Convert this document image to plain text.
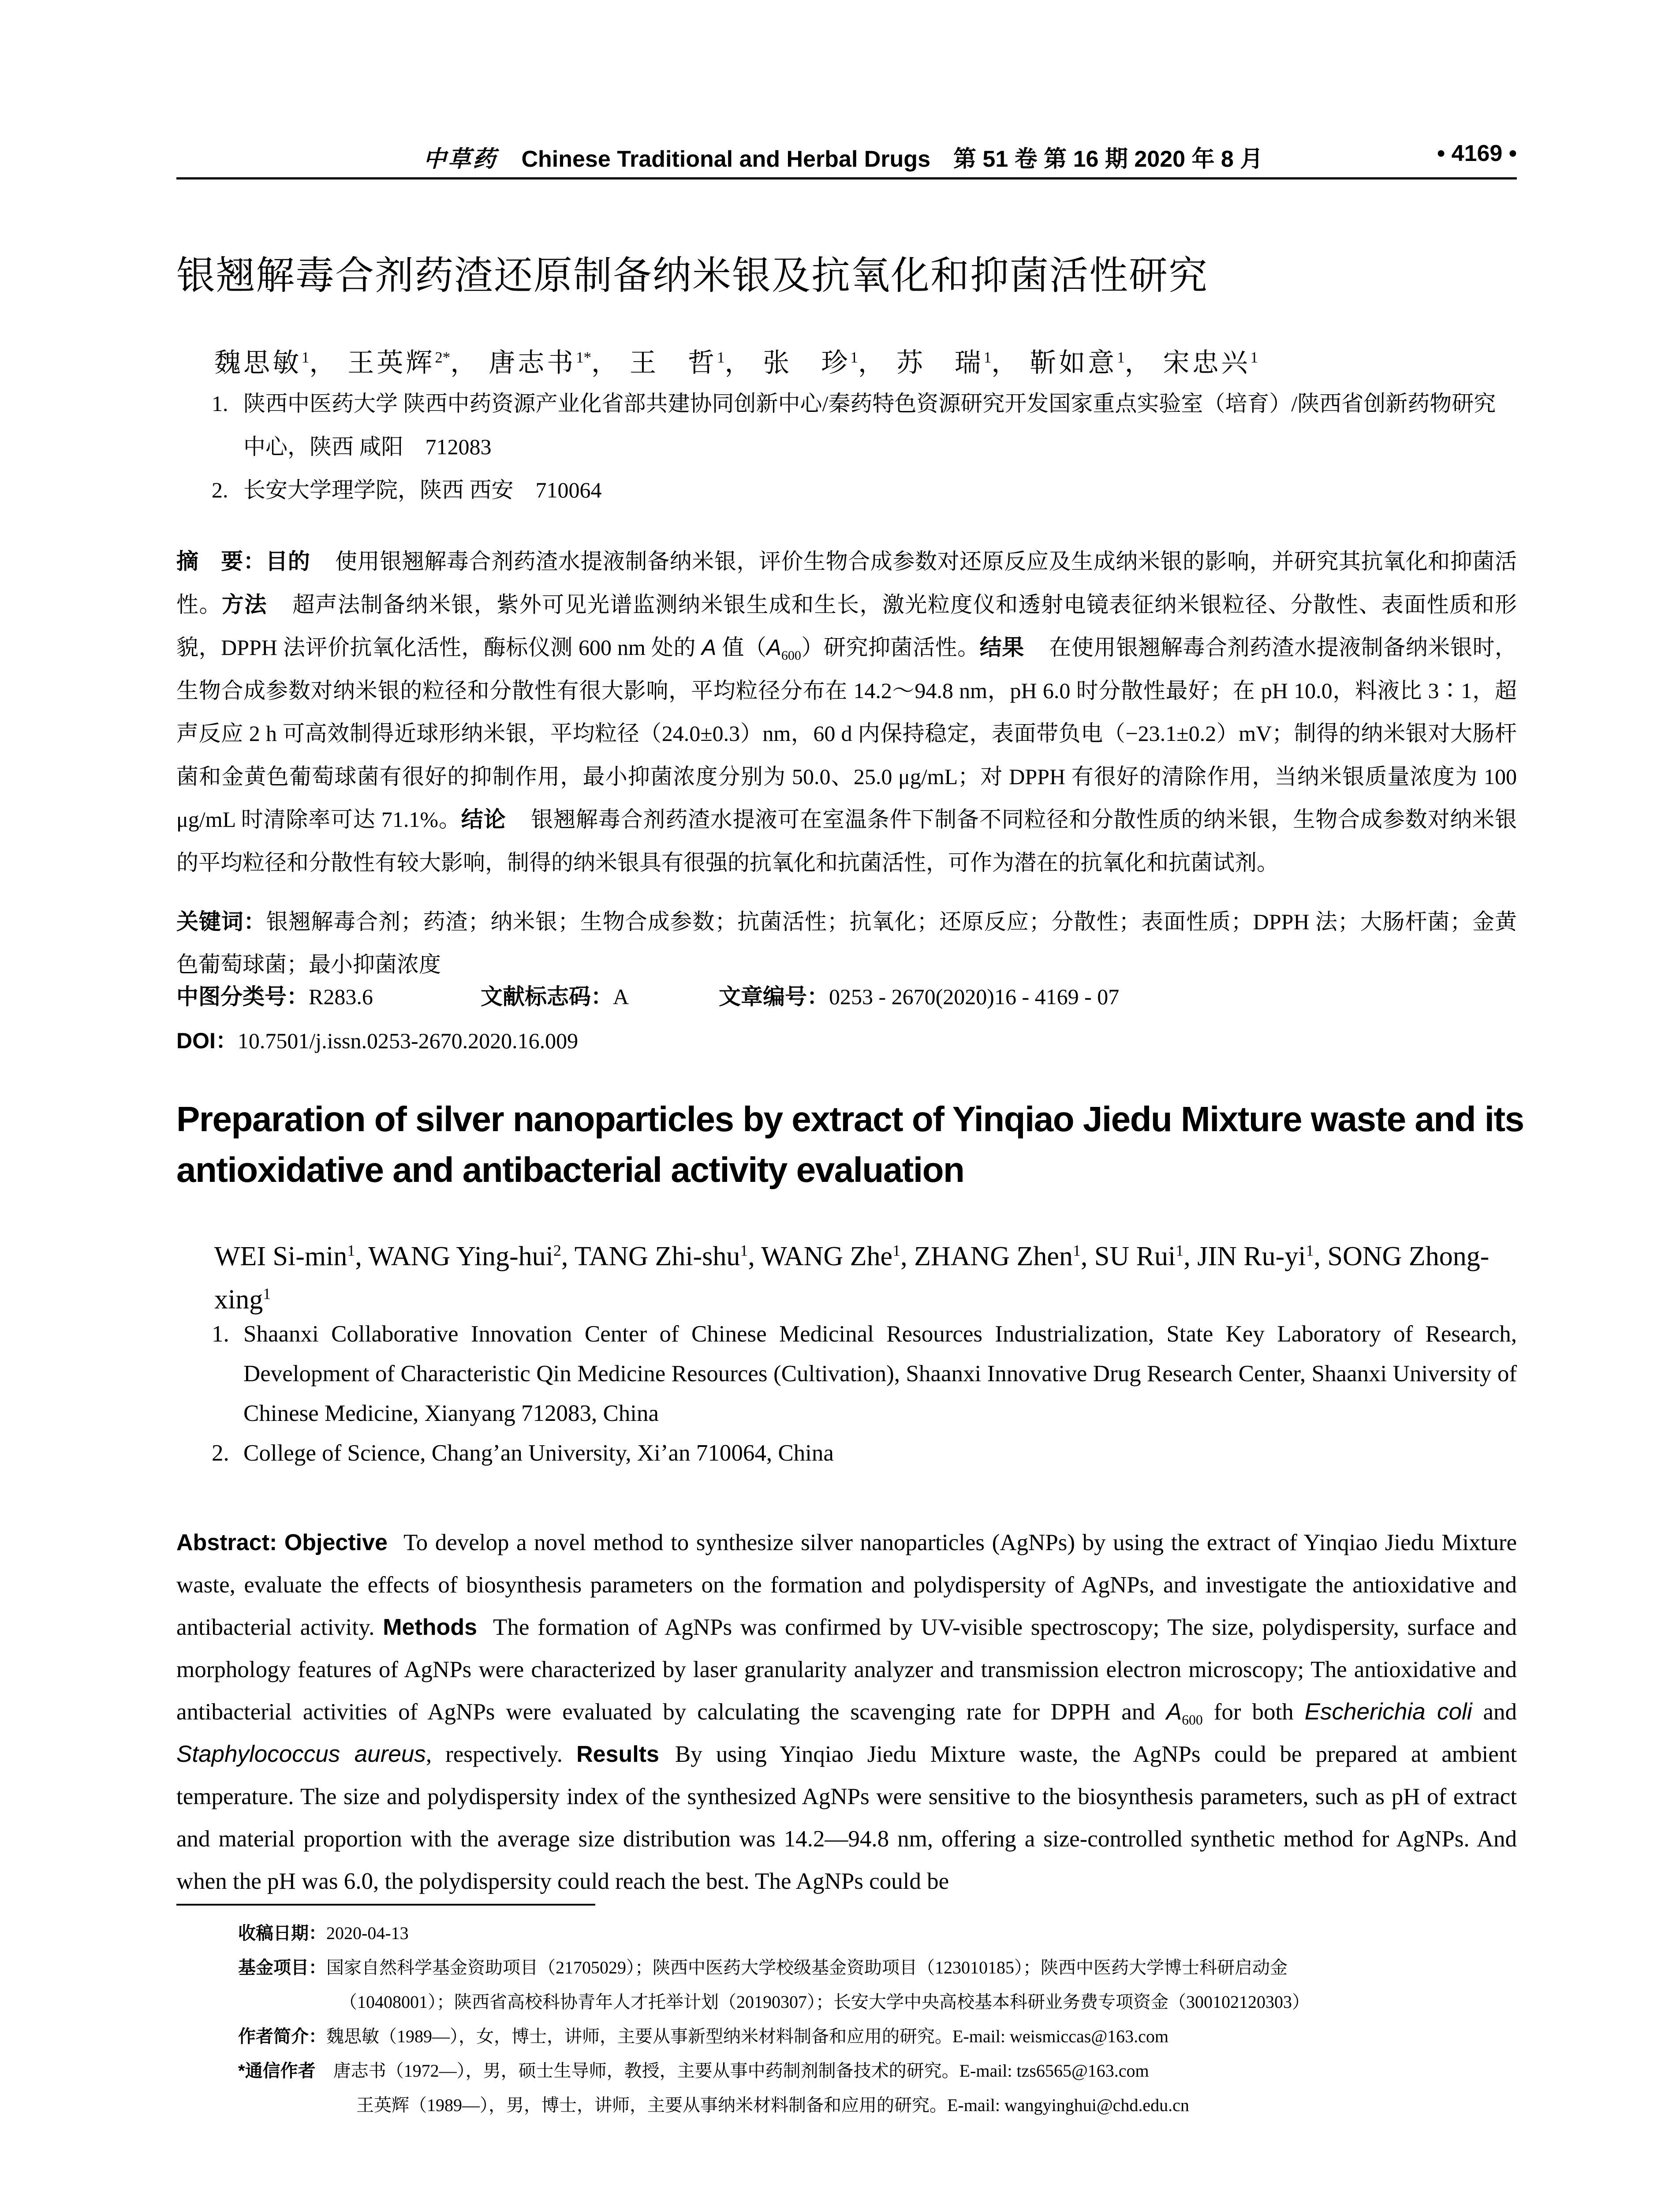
中草药 Chinese Traditional and Herbal Drugs　第 51 卷 第 16 期 2020 年 8 月	• 4169 •
银翘解毒合剂药渣还原制备纳米银及抗氧化和抑菌活性研究
魏思敏$^1$， 王英辉$^{2*}$， 唐志书$^{1*}$， 王　哲$^1$， 张　珍$^1$， 苏　瑞$^1$， 靳如意$^1$， 宋忠兴$^1$
1. 陕西中医药大学 陕西中药资源产业化省部共建协同创新中心/秦药特色资源研究开发国家重点实验室（培育）/陕西省创新药物研究中心，陕西 咸阳　712083
2. 长安大学理学院，陕西 西安　710064
摘　要：目的 使用银翘解毒合剂药渣水提液制备纳米银，评价生物合成参数对还原反应及生成纳米银的影响，并研究其抗氧化和抑菌活性。方法 超声法制备纳米银，紫外可见光谱监测纳米银生成和生长，激光粒度仪和透射电镜表征纳米银粒径、分散性、表面性质和形貌，DPPH 法评价抗氧化活性，酶标仪测 600 nm 处的 A 值$(A_{600})$研究抑菌活性。结果 在使用银翘解毒合剂药渣水提液制备纳米银时，生物合成参数对纳米银的粒径和分散性有很大影响，平均粒径分布在 14.2～94.8 nm，pH 6.0 时分散性最好；在 pH 10.0，料液比 3∶1，超声反应 2 h 可高效制得近球形纳米银，平均粒径（24.0±0.3）nm，60 d 内保持稳定，表面带负电（−23.1±0.2）mV；制得的纳米银对大肠杆菌和金黄色葡萄球菌有很好的抑制作用，最小抑菌浓度分别为 50.0、25.0 μg/mL；对 DPPH 有很好的清除作用，当纳米银质量浓度为 100 μg/mL 时清除率可达 71.1%。结论 银翘解毒合剂药渣水提液可在室温条件下制备不同粒径和分散性质的纳米银，生物合成参数对纳米银的平均粒径和分散性有较大影响，制得的纳米银具有很强的抗氧化和抗菌活性，可作为潜在的抗氧化和抗菌试剂。
关键词：银翘解毒合剂；药渣；纳米银；生物合成参数；抗菌活性；抗氧化；还原反应；分散性；表面性质；DPPH 法；大肠杆菌；金黄色葡萄球菌；最小抑菌浓度
中图分类号：R283.6	文献标志码：A	文章编号：0253 - 2670(2020)16 - 4169 - 07
DOI：10.7501/j.issn.0253-2670.2020.16.009
Preparation of silver nanoparticles by extract of Yinqiao Jiedu Mixture waste and its antioxidative and antibacterial activity evaluation
WEI $Si-\min^1$, WANG Ying-hui$^2$, TANG Zhi-shu$^1$, WANG Zhe$^1$, ZHANG Zhen$^1$, SU Rui$^1$, JIN $Ru-yi^1$, SONG Zhong-xing$^1$
1. Shaanxi Collaborative Innovation Center of Chinese Medicinal Resources Industrialization, State Key Laboratory of Research, Development of Characteristic Qin Medicine Resources (Cultivation), Shaanxi Innovative Drug Research Center, Shaanxi University of Chinese Medicine, Xianyang 712083, China
2. College of Science, Chang’an University, Xi’an 710064, China
Abstract: Objective To develop a novel method to synthesize silver nanoparticles (AgNPs) by using the extract of Yinqiao Jiedu Mixture waste, evaluate the effects of biosynthesis parameters on the formation and polydispersity of AgNPs, and investigate the antioxidative and antibacterial activity. Methods The formation of AgNPs was confirmed by UV-visible spectroscopy; The size, polydispersity, surface and morphology features of AgNPs were characterized by laser granularity analyzer and transmission electron microscopy; The antioxidative and antibacterial activities of AgNPs were evaluated by calculating the scavenging rate for DPPH and $A_{600}$ for both Escherichia coli and Staphylococcus aureus, respectively. Results By using Yinqiao Jiedu Mixture waste, the AgNPs could be prepared at ambient temperature. The size and polydispersity index of the synthesized AgNPs were sensitive to the biosynthesis parameters, such as pH of extract and material proportion with the average size distribution was 14.2—94.8 nm, offering a size-controlled synthetic method for AgNPs. And when the pH was 6.0, the polydispersity could reach the best. The AgNPs could be
收稿日期： 2020-04-13
基金项目： 国家自然科学基金资助项目（21705029）；陕西中医药大学校级基金资助项目（123010185）；陕西中医药大学博士科研启动金
（10408001）；陕西省高校科协青年人才托举计划（20190307）；长安大学中央高校基本科研业务费专项资金（300102120303）
作者简介： 魏思敏（1989—），女，博士，讲师，主要从事新型纳米材料制备和应用的研究。E-mail: weismiccas@163.com
*通信作者 唐志书（1972—），男，硕士生导师，教授，主要从事中药制剂制备技术的研究。E-mail: tzs6565@163.com
王英辉（1989—），男，博士，讲师，主要从事纳米材料制备和应用的研究。E-mail: wangyinghui@chd.edu.cn
